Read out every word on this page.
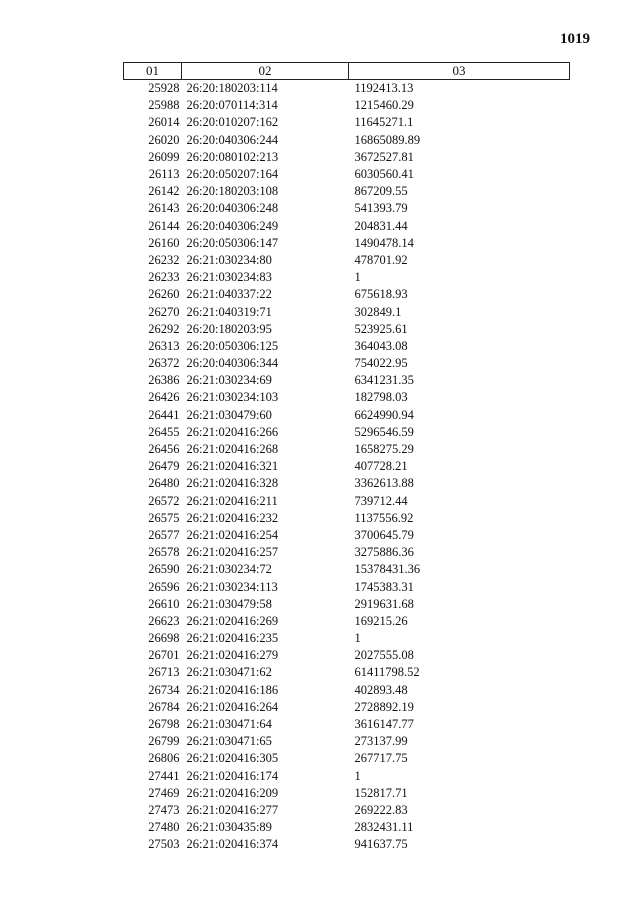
1019
01	02	03
25928	26:20:180203:114	1192413.13
25988	26:20:070114:314	1215460.29
26014	26:20:010207:162	11645271.1
26020	26:20:040306:244	16865089.89
26099	26:20:080102:213	3672527.81
26113	26:20:050207:164	6030560.41
26142	26:20:180203:108	867209.55
26143	26:20:040306:248	541393.79
26144	26:20:040306:249	204831.44
26160	26:20:050306:147	1490478.14
26232	26:21:030234:80	478701.92
26233	26:21:030234:83	1
26260	26:21:040337:22	675618.93
26270	26:21:040319:71	302849.1
26292	26:20:180203:95	523925.61
26313	26:20:050306:125	364043.08
26372	26:20:040306:344	754022.95
26386	26:21:030234:69	6341231.35
26426	26:21:030234:103	182798.03
26441	26:21:030479:60	6624990.94
26455	26:21:020416:266	5296546.59
26456	26:21:020416:268	1658275.29
26479	26:21:020416:321	407728.21
26480	26:21:020416:328	3362613.88
26572	26:21:020416:211	739712.44
26575	26:21:020416:232	1137556.92
26577	26:21:020416:254	3700645.79
26578	26:21:020416:257	3275886.36
26590	26:21:030234:72	15378431.36
26596	26:21:030234:113	1745383.31
26610	26:21:030479:58	2919631.68
26623	26:21:020416:269	169215.26
26698	26:21:020416:235	1
26701	26:21:020416:279	2027555.08
26713	26:21:030471:62	61411798.52
26734	26:21:020416:186	402893.48
26784	26:21:020416:264	2728892.19
26798	26:21:030471:64	3616147.77
26799	26:21:030471:65	273137.99
26806	26:21:020416:305	267717.75
27441	26:21:020416:174	1
27469	26:21:020416:209	152817.71
27473	26:21:020416:277	269222.83
27480	26:21:030435:89	2832431.11
27503	26:21:020416:374	941637.75
